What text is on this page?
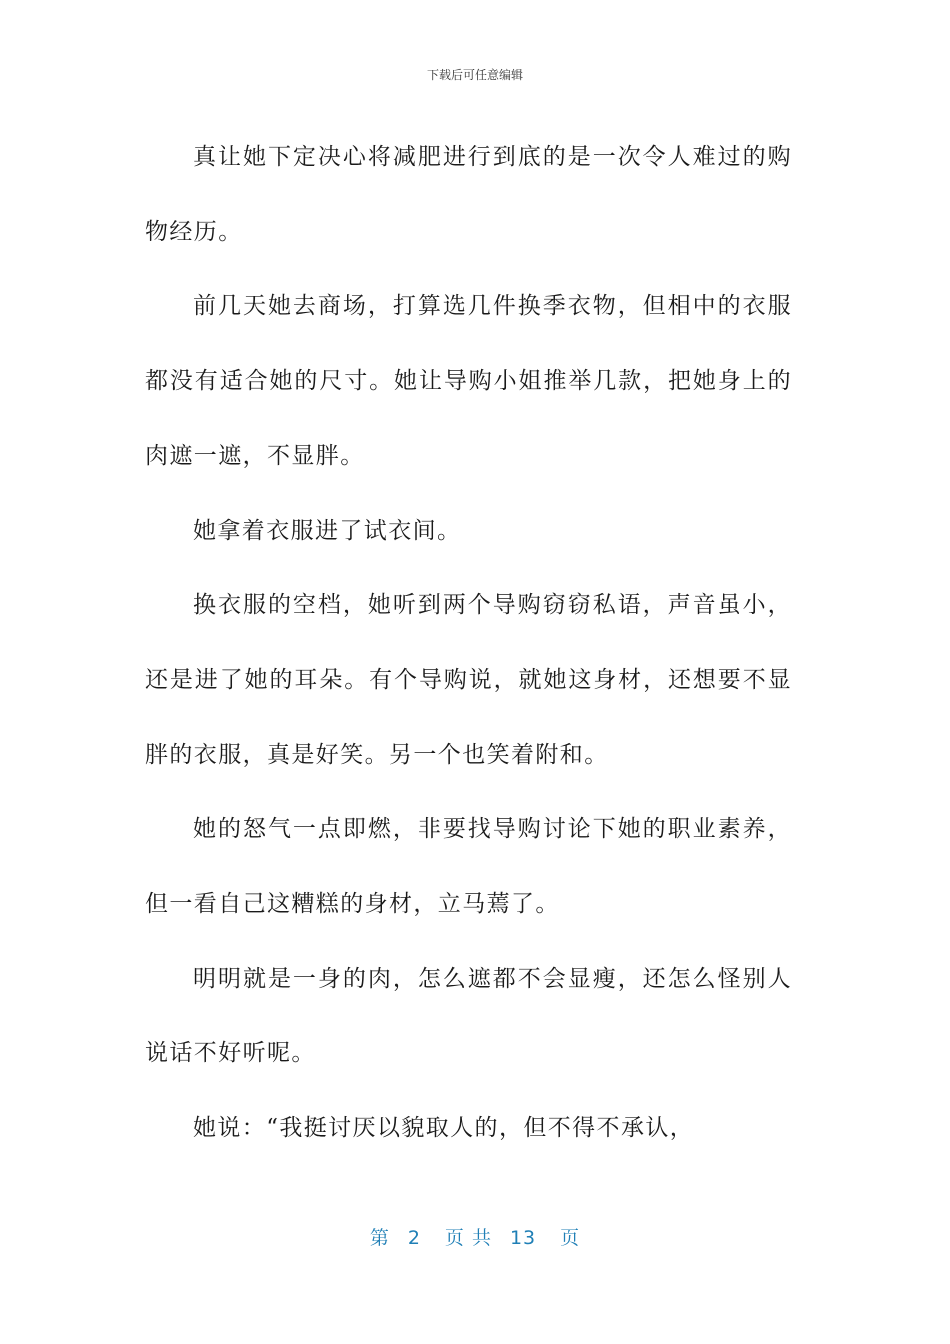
下载后可任意编辑

真让她下定决心将减肥进行到底的是一次令人难过的购物经历。

前几天她去商场，打算选几件换季衣物，但相中的衣服都没有适合她的尺寸。她让导购小姐推举几款，把她身上的肉遮一遮，不显胖。

她拿着衣服进了试衣间。

换衣服的空档，她听到两个导购窃窃私语，声音虽小，还是进了她的耳朵。有个导购说，就她这身材，还想要不显胖的衣服，真是好笑。另一个也笑着附和。

她的怒气一点即燃，非要找导购讨论下她的职业素养，但一看自己这糟糕的身材，立马蔫了。

明明就是一身的肉，怎么遮都不会显瘦，还怎么怪别人说话不好听呢。

她说：“我挺讨厌以貌取人的，但不得不承认，

第 2 页 共 13 页
